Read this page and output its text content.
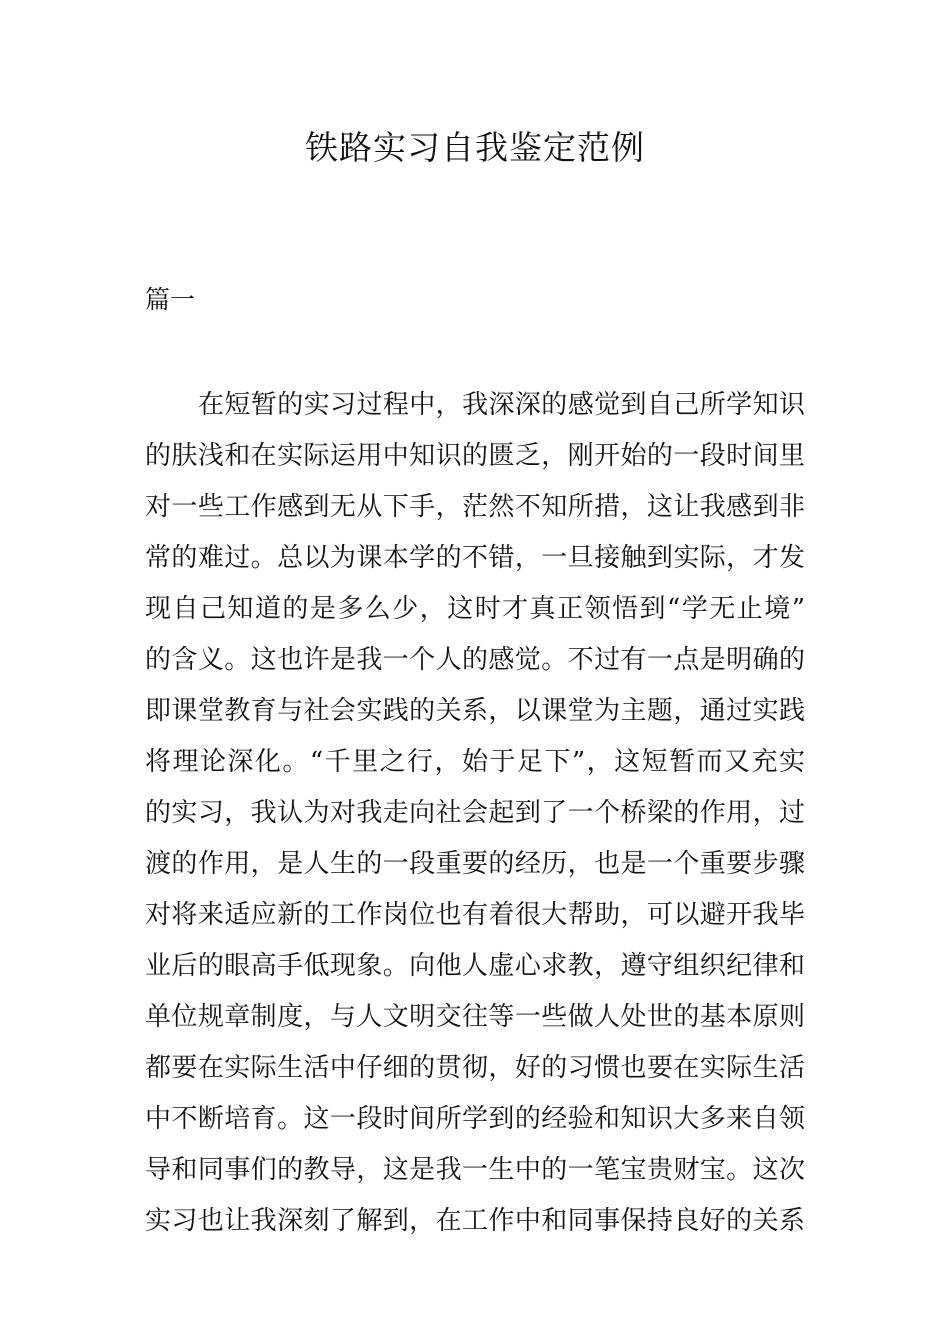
铁路实习自我鉴定范例
篇一
在短暂的实习过程中，我深深的感觉到自己所学知识
的肤浅和在实际运用中知识的匮乏，刚开始的一段时间里
对一些工作感到无从下手，茫然不知所措，这让我感到非
常的难过。总以为课本学的不错，一旦接触到实际，才发
现自己知道的是多么少，这时才真正领悟到“学无止境”
的含义。这也许是我一个人的感觉。不过有一点是明确的
即课堂教育与社会实践的关系，以课堂为主题，通过实践
将理论深化。“千里之行，始于足下”，这短暂而又充实
的实习，我认为对我走向社会起到了一个桥梁的作用，过
渡的作用，是人生的一段重要的经历，也是一个重要步骤
对将来适应新的工作岗位也有着很大帮助，可以避开我毕
业后的眼高手低现象。向他人虚心求教，遵守组织纪律和
单位规章制度，与人文明交往等一些做人处世的基本原则
都要在实际生活中仔细的贯彻，好的习惯也要在实际生活
中不断培育。这一段时间所学到的经验和知识大多来自领
导和同事们的教导，这是我一生中的一笔宝贵财宝。这次
实习也让我深刻了解到，在工作中和同事保持良好的关系
